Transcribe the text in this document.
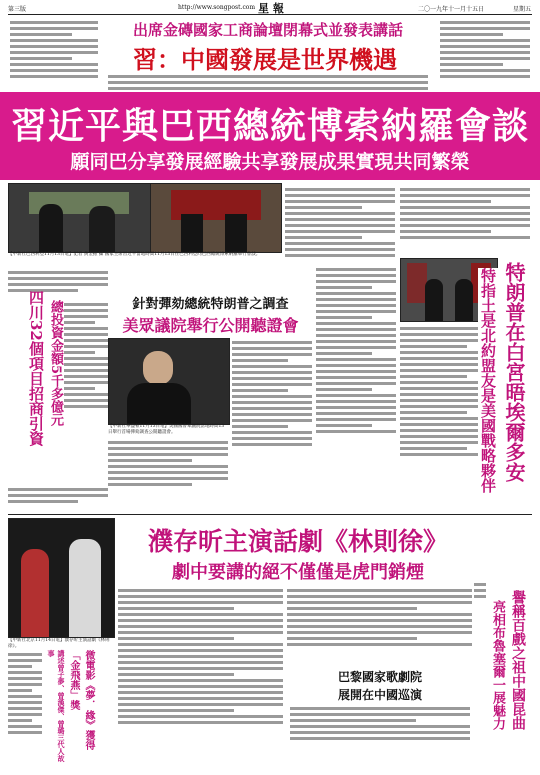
第三版	http://www.songpost.com 星 報	二〇一九年十一月十五日	星期五
出席金磚國家工商論壇閉幕式並發表講話
習：中國發展是世界機遇
習近平與巴西總統博索納羅會談
願同巴分享發展經驗共享發展成果實現共同繁榮
【中新社巴西利亞11月13日電】記者 黃金振 攝 國家主席習近平當地時間11月13日在巴西利亞同巴西總統博索納羅舉行會談。
四川32個項目招商引資 總投資金額5千多億元	針對彈劾總統特朗普之調查
美眾議院舉行公開聽證會
【中新社華盛頓11月13日電】美國國會眾議院當地時間13日舉行首場彈劾調查公開聽證會。	特朗普在白宮晤埃爾多安
特指土是北約盟友是美國戰略夥伴
【中新社北京11月14日電】濮存昕主演話劇《林則徐》。
濮存昕主演話劇《林則徐》
劇中要講的絕不僅僅是虎門銷煙
講述曾子夢、曾漢傑、曾璐三代人故事	微電影《夢．緣》獲得「金飛燕」獎	巴黎國家歌劇院
展開在中國巡演	譽稱百戲之祖中國昆曲
亮相布魯塞爾一展魅力
